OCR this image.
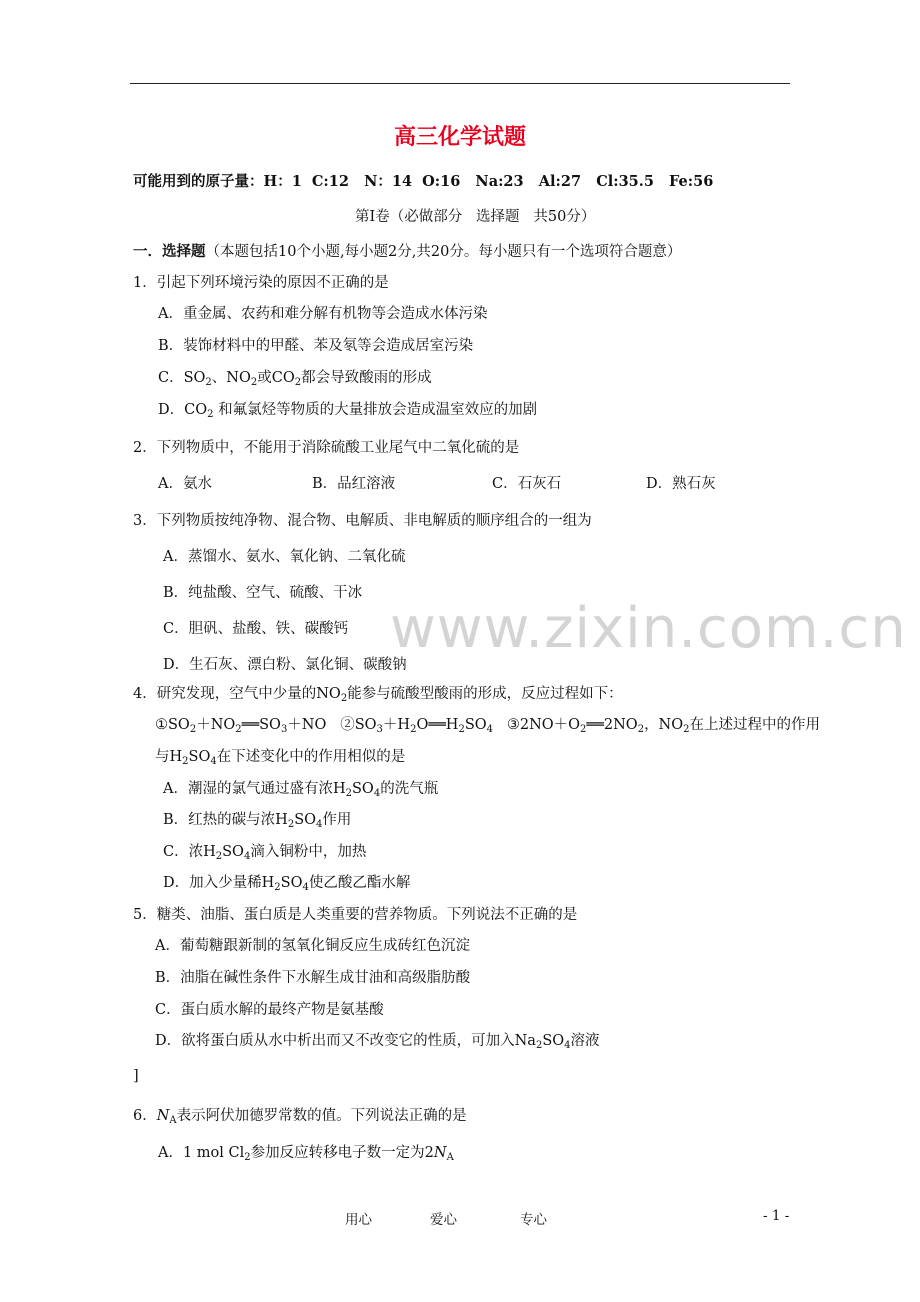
www.zixin.com.cn
高三化学试题
可能用到的原子量：H：1  C:12   N：14  O:16   Na:23   Al:27   Cl:35.5   Fe:56
第Ⅰ卷（必做部分   选择题   共50分）
一．选择题（本题包括10个小题,每小题2分,共20分。每小题只有一个选项符合题意）
1．引起下列环境污染的原因不正确的是
A．重金属、农药和难分解有机物等会造成水体污染
B．装饰材料中的甲醛、苯及氡等会造成居室污染
C．$SO_2$、$NO_2$或$CO_2$都会导致酸雨的形成
D．$CO_2$ 和氟氯烃等物质的大量排放会造成温室效应的加剧
2．下列物质中，不能用于消除硫酸工业尾气中二氧化硫的是
A．氨水	B．品红溶液	C．石灰石	D．熟石灰
3．下列物质按纯净物、混合物、电解质、非电解质的顺序组合的一组为
A．蒸馏水、氨水、氧化钠、二氧化硫
B．纯盐酸、空气、硫酸、干冰
C．胆矾、盐酸、铁、碳酸钙
D．生石灰、漂白粉、氯化铜、碳酸钠
4．研究发现，空气中少量的$NO_2$能参与硫酸型酸雨的形成，反应过程如下：
$①SO_2+NO_2══SO_3+NO$   $②SO_3+H_2O══H_2SO_4$   $③2NO+O_2══2NO_2$，$NO_2$在上述过程中的作用
与$H_2SO_4$在下述变化中的作用相似的是
A．潮湿的氯气通过盛有浓$H_2SO_4$的洗气瓶
B．红热的碳与浓$H_2SO_4$作用
C．浓$H_2SO_4$滴入铜粉中，加热
D．加入少量稀$H_2SO_4$使乙酸乙酯水解
5．糖类、油脂、蛋白质是人类重要的营养物质。下列说法不正确的是
A．葡萄糖跟新制的氢氧化铜反应生成砖红色沉淀
B．油脂在碱性条件下水解生成甘油和高级脂肪酸
C．蛋白质水解的最终产物是氨基酸
D．欲将蛋白质从水中析出而又不改变它的性质，可加入$Na_2SO_4$溶液
]
6．$N_A$表示阿伏加德罗常数的值。下列说法正确的是
A．1 mol $Cl_2$参加反应转移电子数一定为$2N_A$
用心	爱心	专心	- 1 -
